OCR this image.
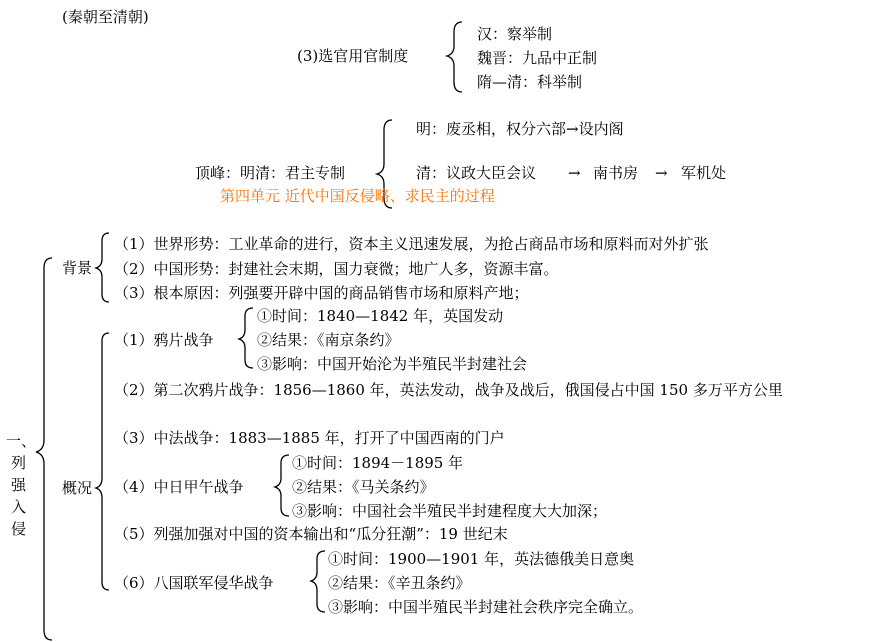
(秦朝至清朝)
(3)选官用官制度
汉：察举制
魏晋：九品中正制
隋—清：科举制
明：废丞相，权分六部→设内阁
顶峰：明清：君主专制	清：议政大臣会议 → 南书房 → 军机处
第四单元 近代中国反侵略、求民主的过程
一、
列
强
入
侵
背景
（1）世界形势：工业革命的进行，资本主义迅速发展，为抢占商品市场和原料而对外扩张
（2）中国形势：封建社会末期，国力衰微；地广人多，资源丰富。
（3）根本原因：列强要开辟中国的商品销售市场和原料产地；
概况
（1）鸦片战争
①时间：1840—1842 年，英国发动
②结果：《南京条约》
③影响：中国开始沦为半殖民半封建社会
（2）第二次鸦片战争：1856—1860 年，英法发动，战争及战后，俄国侵占中国 150 多万平方公里
（3）中法战争：1883—1885 年，打开了中国西南的门户
（4）中日甲午战争
①时间：1894－1895 年
②结果：《马关条约》
③影响：中国社会半殖民半封建程度大大加深；
（5）列强加强对中国的资本输出和“瓜分狂潮”：19 世纪末
（6）八国联军侵华战争
①时间：1900—1901 年，英法德俄美日意奥
②结果：《辛丑条约》
③影响：中国半殖民半封建社会秩序完全确立。
